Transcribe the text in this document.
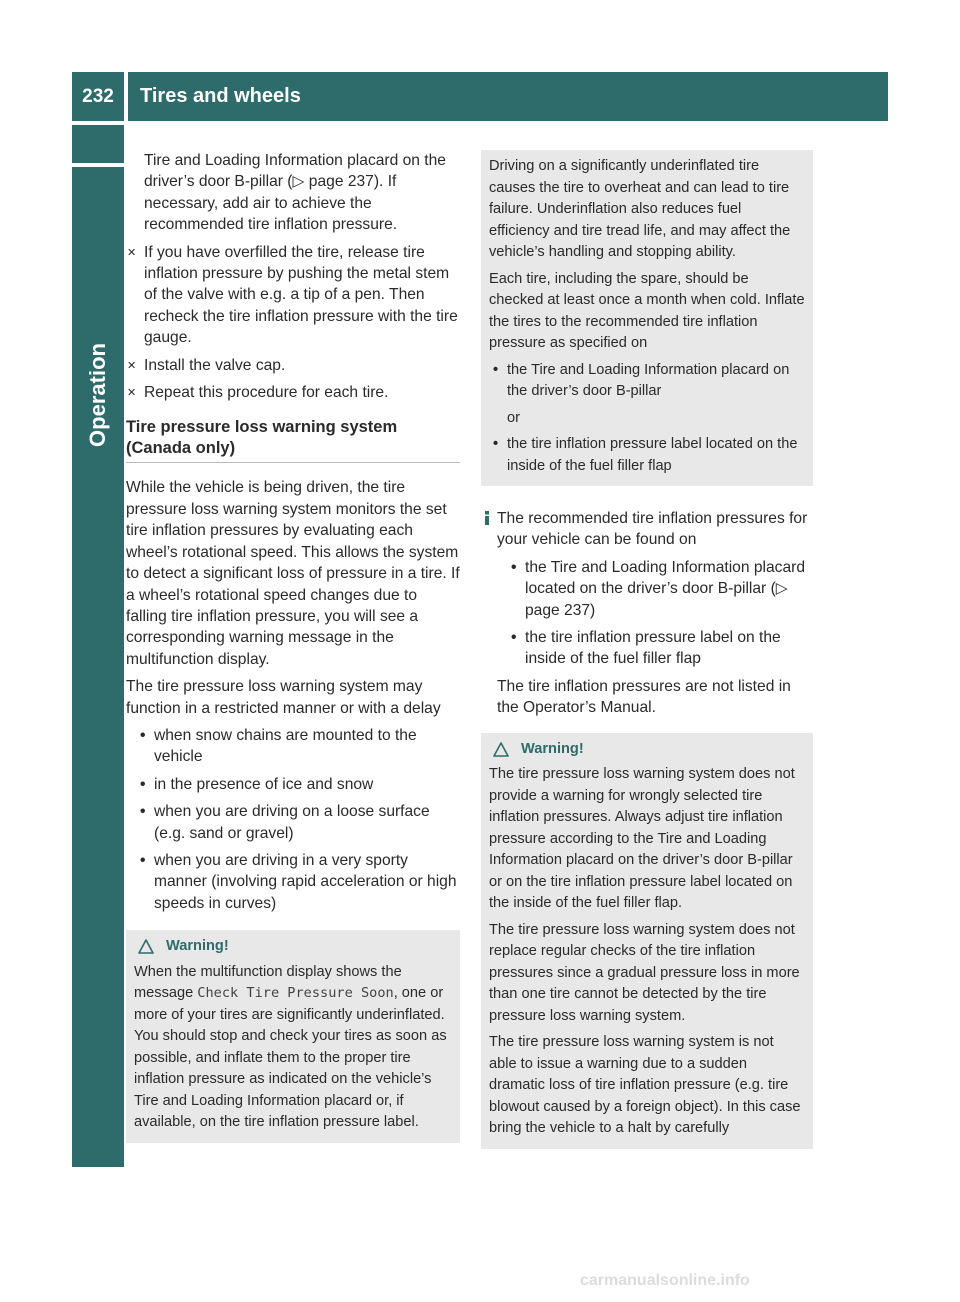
232	Tires and wheels
Operation

Tire and Loading Information placard on the driver’s door B-pillar (▷ page 237). If necessary, add air to achieve the recommended tire inflation pressure.

✕ If you have overfilled the tire, release tire inflation pressure by pushing the metal stem of the valve with e.g. a tip of a pen. Then recheck the tire inflation pressure with the tire gauge.

✕ Install the valve cap.

✕ Repeat this procedure for each tire.

Tire pressure loss warning system (Canada only)

While the vehicle is being driven, the tire pressure loss warning system monitors the set tire inflation pressures by evaluating each wheel’s rotational speed. This allows the system to detect a significant loss of pressure in a tire. If a wheel’s rotational speed changes due to falling tire inflation pressure, you will see a corresponding warning message in the multifunction display.

The tire pressure loss warning system may function in a restricted manner or with a delay

• when snow chains are mounted to the vehicle

• in the presence of ice and snow

• when you are driving on a loose surface (e.g. sand or gravel)

• when you are driving in a very sporty manner (involving rapid acceleration or high speeds in curves)

Warning!

When the multifunction display shows the message Check Tire Pressure Soon, one or more of your tires are significantly underinflated. You should stop and check your tires as soon as possible, and inflate them to the proper tire inflation pressure as indicated on the vehicle’s Tire and Loading Information placard or, if available, on the tire inflation pressure label.

Driving on a significantly underinflated tire causes the tire to overheat and can lead to tire failure. Underinflation also reduces fuel efficiency and tire tread life, and may affect the vehicle’s handling and stopping ability.

Each tire, including the spare, should be checked at least once a month when cold. Inflate the tires to the recommended tire inflation pressure as specified on

• the Tire and Loading Information placard on the driver’s door B-pillar

or

• the tire inflation pressure label located on the inside of the fuel filler flap

The recommended tire inflation pressures for your vehicle can be found on

• the Tire and Loading Information placard located on the driver’s door B-pillar (▷ page 237)

• the tire inflation pressure label on the inside of the fuel filler flap

The tire inflation pressures are not listed in the Operator’s Manual.

Warning!

The tire pressure loss warning system does not provide a warning for wrongly selected tire inflation pressures. Always adjust tire inflation pressure according to the Tire and Loading Information placard on the driver’s door B-pillar or on the tire inflation pressure label located on the inside of the fuel filler flap.

The tire pressure loss warning system does not replace regular checks of the tire inflation pressures since a gradual pressure loss in more than one tire cannot be detected by the tire pressure loss warning system.

The tire pressure loss warning system is not able to issue a warning due to a sudden dramatic loss of tire inflation pressure (e.g. tire blowout caused by a foreign object). In this case bring the vehicle to a halt by carefully

carmanualsonline.info
